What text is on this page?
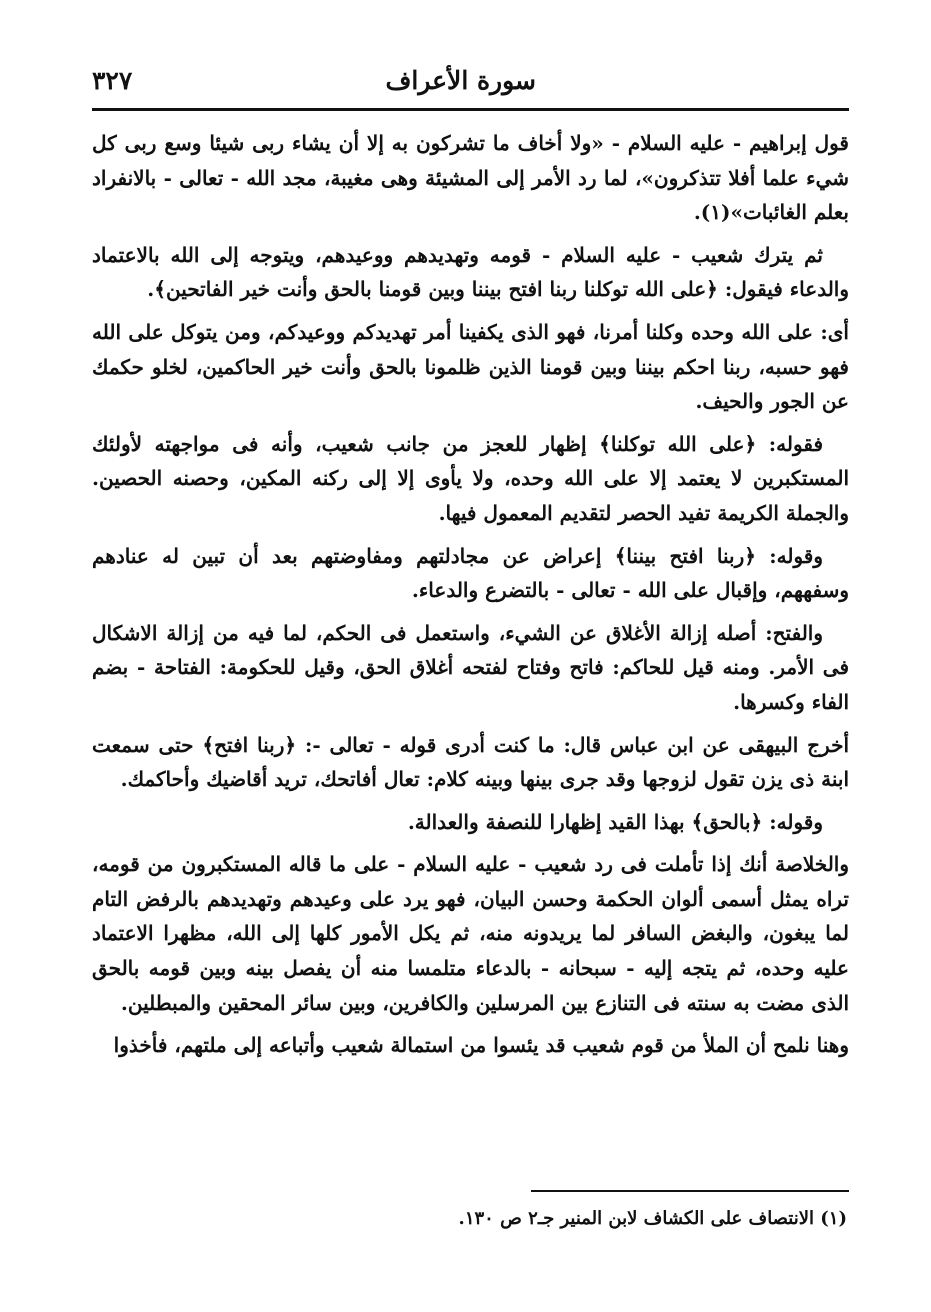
سورة الأعراف
٣٢٧

قول إبراهيم - عليه السلام - «ولا أخاف ما تشركون به إلا أن يشاء ربى شيئا وسع ربى كل شيء علما أفلا تتذكرون»، لما رد الأمر إلى المشيئة وهى مغيبة، مجد الله - تعالى - بالانفراد بعلم الغائبات»(١).

ثم يترك شعيب - عليه السلام - قومه وتهديدهم ووعيدهم، ويتوجه إلى الله بالاعتماد والدعاء فيقول: ﴿على الله توكلنا ربنا افتح بيننا وبين قومنا بالحق وأنت خير الفاتحين﴾.

أى: على الله وحده وكلنا أمرنا، فهو الذى يكفينا أمر تهديدكم ووعيدكم، ومن يتوكل على الله فهو حسبه، ربنا احكم بيننا وبين قومنا الذين ظلمونا بالحق وأنت خير الحاكمين، لخلو حكمك عن الجور والحيف.

فقوله: ﴿على الله توكلنا﴾ إظهار للعجز من جانب شعيب، وأنه فى مواجهته لأولئك المستكبرين لا يعتمد إلا على الله وحده، ولا يأوى إلا إلى ركنه المكين، وحصنه الحصين. والجملة الكريمة تفيد الحصر لتقديم المعمول فيها.

وقوله: ﴿ربنا افتح بيننا﴾ إعراض عن مجادلتهم ومفاوضتهم بعد أن تبين له عنادهم وسفههم، وإقبال على الله - تعالى - بالتضرع والدعاء.

والفتح: أصله إزالة الأغلاق عن الشيء، واستعمل فى الحكم، لما فيه من إزالة الاشكال فى الأمر. ومنه قيل للحاكم: فاتح وفتاح لفتحه أغلاق الحق، وقيل للحكومة: الفتاحة - بضم الفاء وكسرها.

أخرج البيهقى عن ابن عباس قال: ما كنت أدرى قوله - تعالى -: ﴿ربنا افتح﴾ حتى سمعت ابنة ذى يزن تقول لزوجها وقد جرى بينها وبينه كلام: تعال أفاتحك، تريد أقاضيك وأحاكمك.

وقوله: ﴿بالحق﴾ بهذا القيد إظهارا للنصفة والعدالة.

والخلاصة أنك إذا تأملت فى رد شعيب - عليه السلام - على ما قاله المستكبرون من قومه، تراه يمثل أسمى ألوان الحكمة وحسن البيان، فهو يرد على وعيدهم وتهديدهم بالرفض التام لما يبغون، والبغض السافر لما يريدونه منه، ثم يكل الأمور كلها إلى الله، مظهرا الاعتماد عليه وحده، ثم يتجه إليه - سبحانه - بالدعاء متلمسا منه أن يفصل بينه وبين قومه بالحق الذى مضت به سنته فى التنازع بين المرسلين والكافرين، وبين سائر المحقين والمبطلين.

وهنا نلمح أن الملأ من قوم شعيب قد يئسوا من استمالة شعيب وأتباعه إلى ملتهم، فأخذوا

(١) الانتصاف على الكشاف لابن المنير جـ٢ ص ١٣٠.
